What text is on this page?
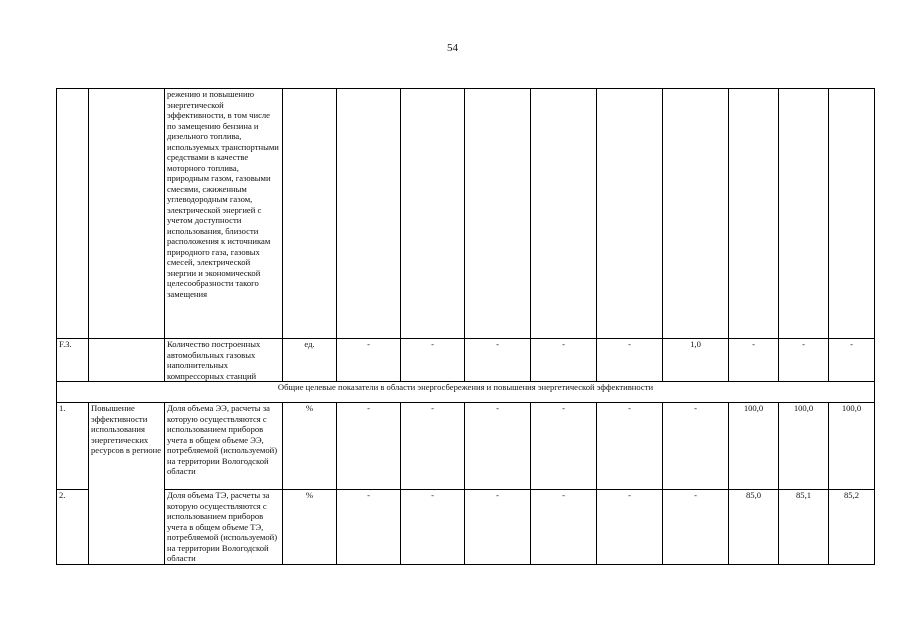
54
		режению и повышению энергетической эффективности, в том числе по замещению бензина и дизельного топлива, используемых транспортными средствами в качестве моторного топлива, природным газом, газовыми смесями, сжиженным углеводородным газом, электрической энергией с учетом доступности использования, близости расположения к источникам природного газа, газовых смесей, электрической энергии и экономической целесообразности такого замещения										
F.3.		Количество построенных автомобильных газовых наполнительных компрессорных станций	ед.	-	-	-	-	-	1,0	-	-	-
Общие целевые показатели в области энергосбережения и повышения энергетической эффективности												
1.	Повышение эффективности использования энергетических ресурсов в регионе	Доля объема ЭЭ, расчеты за которую осуществляются с использованием приборов учета в общем объеме ЭЭ, потребляемой (используемой) на территории Вологодской области	%	-	-	-	-	-	-	100,0	100,0	100,0
2.		Доля объема ТЭ, расчеты за которую осуществляются с использованием приборов учета в общем объеме ТЭ, потребляемой (используемой) на территории Вологодской области	%	-	-	-	-	-	-	85,0	85,1	85,2
